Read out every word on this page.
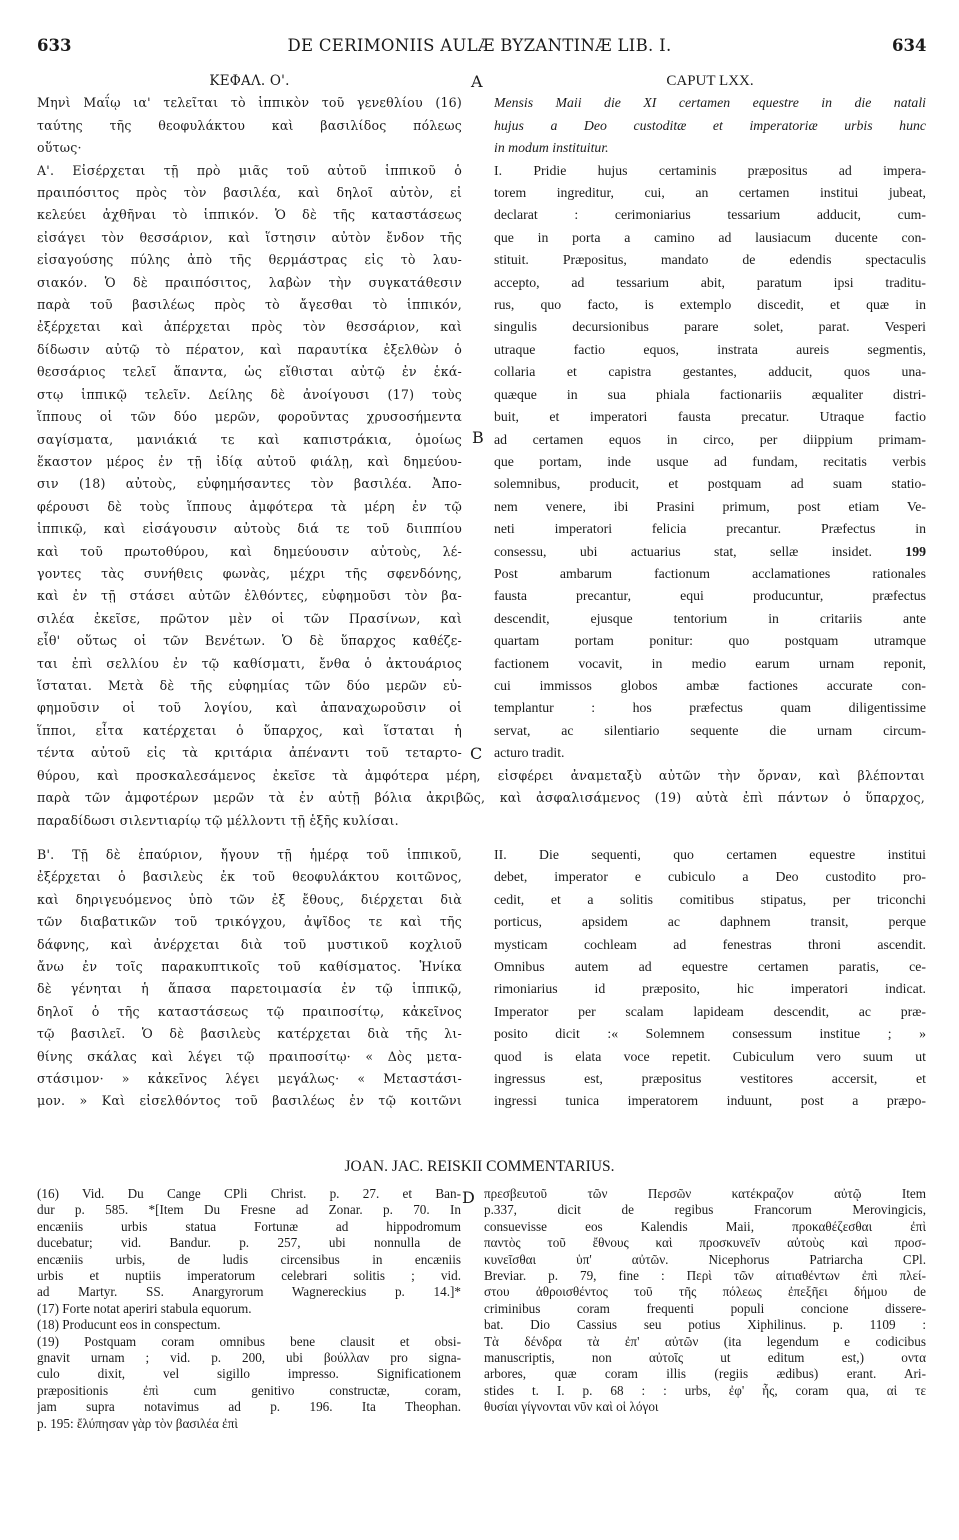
633	DE CERIMONIIS AULÆ BYZANTINÆ LIB. I.	634
A
B
C
D
ΚΕΦΑΛ. Ο'.
Μηνὶ Μαΐῳ ια' τελεῖται τὸ ἱππικὸν τοῦ γενεθλίου (16)
ταύτης τῆς θεοφυλάκτου καὶ βασιλίδος πόλεως
οὕτως·
Α'. Εἰσέρχεται τῇ πρὸ μιᾶς τοῦ αὐτοῦ ἱππικοῦ ὁ
πραιπόσιτος πρὸς τὸν βασιλέα, καὶ δηλοῖ αὐτὸν, εἰ
κελεύει ἀχθῆναι τὸ ἱππικόν. Ὁ δὲ τῆς καταστάσεως
εἰσάγει τὸν θεσσάριον, καὶ ἵστησιν αὐτὸν ἔνδον τῆς
εἰσαγούσης πύλης ἀπὸ τῆς θερμάστρας εἰς τὸ λαυ-
σιακόν. Ὁ δὲ πραιπόσιτος, λαβὼν τὴν συγκατάθεσιν
παρὰ τοῦ βασιλέως πρὸς τὸ ἄγεσθαι τὸ ἱππικόν,
ἐξέρχεται καὶ ἀπέρχεται πρὸς τὸν θεσσάριον, καὶ
δίδωσιν αὐτῷ τὸ πέρατον, καὶ παραυτίκα ἐξελθὼν ὁ
θεσσάριος τελεῖ ἅπαντα, ὡς εἴθισται αὐτῷ ἐν ἑκά-
στῳ ἱππικῷ τελεῖν. Δείλης δὲ ἀνοίγουσι (17) τοὺς
ἵππους οἱ τῶν δύο μερῶν, φοροῦντας χρυσοσήμεντα
σαγίσματα, μανιάκιά τε καὶ καπιστράκια, ὁμοίως
ἕκαστον μέρος ἐν τῇ ἰδίᾳ αὐτοῦ φιάλῃ, καὶ δημεύου-
σιν (18) αὐτοὺς, εὐφημήσαντες τὸν βασιλέα. Ἀπο-
φέρουσι δὲ τοὺς ἵππους ἀμφότερα τὰ μέρη ἐν τῷ
ἱππικῷ, καὶ εἰσάγουσιν αὐτοὺς διά τε τοῦ διιππίου
καὶ τοῦ πρωτοθύρου, καὶ δημεύουσιν αὐτοὺς, λέ-
γοντες τὰς συνήθεις φωνὰς, μέχρι τῆς σφενδόνης,
καὶ ἐν τῇ στάσει αὐτῶν ἐλθόντες, εὐφημοῦσι τὸν βα-
σιλέα ἐκεῖσε, πρῶτον μὲν οἱ τῶν Πρασίνων, καὶ
εἶθ' οὕτως οἱ τῶν Βενέτων. Ὁ δὲ ὕπαρχος καθέζε-
ται ἐπὶ σελλίου ἐν τῷ καθίσματι, ἔνθα ὁ ἀκτουάριος
ἵσταται. Μετὰ δὲ τῆς εὐφημίας τῶν δύο μερῶν εὐ-
φημοῦσιν οἱ τοῦ λογίου, καὶ ἀπαναχωροῦσιν οἱ
ἵπποι, εἶτα κατέρχεται ὁ ὕπαρχος, καὶ ἵσταται ἡ
τέντα αὐτοῦ εἰς τὰ κριτάρια ἀπέναντι τοῦ τεταρτο-
CAPUT LXX.
Mensis Maii die XI certamen equestre in die natali
hujus a Deo custoditæ et imperatoriæ urbis hunc
in modum instituitur.
I. Pridie hujus certaminis præpositus ad impera-
torem ingreditur, cui, an certamen institui jubeat,
declarat : cerimoniarius tessarium adducit, cum-
que in porta a camino ad lausiacum ducente con-
stituit. Præpositus, mandato de edendis spectaculis
accepto, ad tessarium abit, paratum ipsi traditu-
rus, quo facto, is extemplo discedit, et quæ in
singulis decursionibus parare solet, parat. Vesperi
utraque factio equos, instrata aureis segmentis,
collaria et capistra gestantes, adducit, quos una-
quæque in sua phiala factionariis æqualiter distri-
buit, et imperatori fausta precatur. Utraque factio
ad certamen equos in circo, per diippium primam-
que portam, inde usque ad fundam, recitatis verbis
solemnibus, producit, et postquam ad suam statio-
nem venere, ibi Prasini primum, post etiam Ve-
neti imperatori felicia precantur. Præfectus in
consessu, ubi actuarius stat, sellæ insidet. 199
Post ambarum factionum acclamationes rationales
fausta precantur, equi producuntur, præfectus
descendit, ejusque tentorium in critariis ante
quartam portam ponitur: quo postquam utramque
factionem vocavit, in medio earum urnam reponit,
cui immissos globos ambæ factiones accurate con-
templantur : hos præfectus quam diligentissime
servat, ac silentiario sequente die urnam circum-
acturo tradit.
θύρου, καὶ προσκαλεσάμενος ἐκεῖσε τὰ ἀμφότερα μέρη, εἰσφέρει ἀναμεταξὺ αὐτῶν τὴν ὄρναν, καὶ βλέπονται
παρὰ τῶν ἀμφοτέρων μερῶν τὰ ἐν αὐτῇ βόλια ἀκριβῶς, καὶ ἀσφαλισάμενος (19) αὐτὰ ἐπὶ πάντων ὁ ὕπαρχος,
παραδίδωσι σιλεντιαρίῳ τῷ μέλλοντι τῇ ἑξῆς κυλίσαι.
Β'. Τῇ δὲ ἐπαύριον, ἤγουν τῇ ἡμέρᾳ τοῦ ἱππικοῦ,
ἐξέρχεται ὁ βασιλεὺς ἐκ τοῦ θεοφυλάκτου κοιτῶνος,
καὶ δηριγευόμενος ὑπὸ τῶν ἐξ ἔθους, διέρχεται διὰ
τῶν διαβατικῶν τοῦ τρικόγχου, ἀψῖδος τε καὶ τῆς
δάφνης, καὶ ἀνέρχεται διὰ τοῦ μυστικοῦ κοχλιοῦ
ἄνω ἐν τοῖς παρακυπτικοῖς τοῦ καθίσματος. Ἡνίκα
δὲ γένηται ἡ ἅπασα παρετοιμασία ἐν τῷ ἱππικῷ,
δηλοῖ ὁ τῆς καταστάσεως τῷ πραιποσίτῳ, κἀκεῖνος
τῷ βασιλεῖ. Ὁ δὲ βασιλεὺς κατέρχεται διὰ τῆς λι-
θίνης σκάλας καὶ λέγει τῷ πραιποσίτῳ· « Δὸς μετα-
στάσιμον· » κἀκεῖνος λέγει μεγάλως· « Μεταστάσι-
μον. » Καὶ εἰσελθόντος τοῦ βασιλέως ἐν τῷ κοιτῶνι
II. Die sequenti, quo certamen equestre institui
debet, imperator e cubiculo a Deo custodito pro-
cedit, et a solitis comitibus stipatus, per triconchi
porticus, apsidem ac daphnem transit, perque
mysticam cochleam ad fenestras throni ascendit.
Omnibus autem ad equestre certamen paratis, ce-
rimoniarius id præposito, hic imperatori indicat.
Imperator per scalam lapideam descendit, ac præ-
posito dicit :« Solemnem consessum institue ; »
quod is elata voce repetit. Cubiculum vero suum ut
ingressus est, præpositus vestitores accersit, et
ingressi tunica imperatorem induunt, post a præpo-
JOAN. JAC. REISKII COMMENTARIUS.
(16) Vid. Du Cange CPli Christ. p. 27. et Ban-
dur p. 585. *[Item Du Fresne ad Zonar. p. 70. In
encæniis urbis statua Fortunæ ad hippodromum
ducebatur; vid. Bandur. p. 257, ubi nonnulla de
encæniis urbis, de ludis circensibus in encæniis
urbis et nuptiis imperatorum celebrari solitis ; vid.
ad Martyr. SS. Anargyrorum Wagnereckius p. 14.]*
(17) Forte notat aperiri stabula equorum.
(18) Producunt eos in conspectum.
(19) Postquam coram omnibus bene clausit et obsi-
gnavit urnam ; vid. p. 200, ubi βούλλαν pro signa-
culo dixit, vel sigillo impresso. Significationem
præpositionis ἐπὶ cum genitivo constructæ, coram,
jam supra notavimus ad p. 196. Ita Theophan.
p. 195: ἔλύπησαν γὰρ τὸν βασιλέα ἐπὶ
πρεσβευτοῦ τῶν Περσῶν κατέκραζον αὐτῷ Item
p.337, dicit de regibus Francorum Merovingicis,
consuevisse eos Kalendis Maii, προκαθέζεσθαι ἐπὶ
παντὸς τοῦ ἔθνους καὶ προσκυνεῖν αὐτοὺς καὶ προσ-
κυνεῖσθαι ὑπ' αὐτῶν. Nicephorus Patriarcha CPl.
Breviar. p. 79, fine : Περὶ τῶν αἰτιαθέντων ἐπὶ πλεί-
στου ἀθροισθέντος τοῦ τῆς πόλεως ἐπεξῆει δήμου de
criminibus coram frequenti populi concione dissere-
bat. Dio Cassius seu potius Xiphilinus. p. 1109 :
Τὰ δένδρα τὰ ἐπ' αὐτῶν (ita legendum e codicibus
manuscriptis, non αὐτοῖς ut editum est,) οντα
arbores, quæ coram illis (regiis ædibus) erant. Ari-
stides t. I. p. 68 : : urbs, ἐφ' ἧς, coram qua, αἱ τε
θυσίαι γίγνονται νῦν καὶ οἱ λόγοι
